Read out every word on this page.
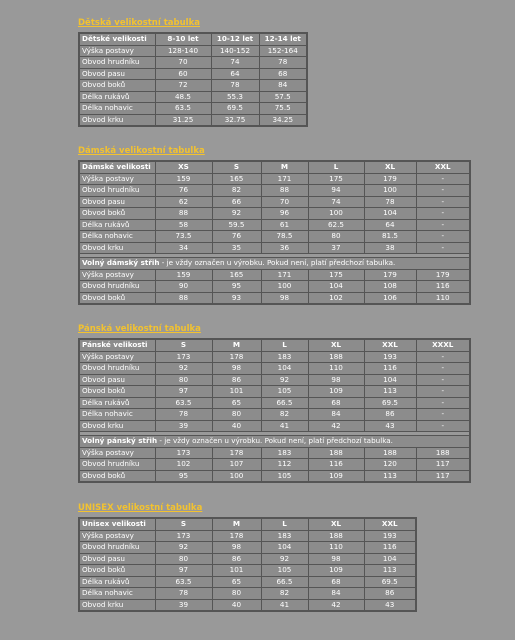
Dětská velikostní tabulka
Dětské velikosti	8-10 let	10-12 let	12-14 let
Výška postavy	128-140	140-152	152-164
Obvod hrudníku	70	74	78
Obvod pasu	60	64	68
Obvod boků	72	78	84
Délka rukávů	48.5	55.3	57.5
Délka nohavic	63.5	69.5	75.5
Obvod krku	31.25	32.75	34.25
Dámská velikostní tabulka
Dámské velikosti	XS	S	M	L	XL	XXL
Výška postavy	159	165	171	175	179	-
Obvod hrudníku	76	82	88	94	100	-
Obvod pasu	62	66	70	74	78	-
Obvod boků	88	92	96	100	104	-
Délka rukávů	58	59.5	61	62.5	64	-
Délka nohavic	73.5	76	78.5	80	81.5	-
Obvod krku	34	35	36	37	38	-

Volný dámský střih - je vždy označen u výrobku. Pokud není, platí předchozí tabulka.						
Výška postavy	159	165	171	175	179	179
Obvod hrudníku	90	95	100	104	108	116
Obvod boků	88	93	98	102	106	110
Pánská velikostní tabulka
Pánské velikosti	S	M	L	XL	XXL	XXXL
Výška postavy	173	178	183	188	193	-
Obvod hrudníku	92	98	104	110	116	-
Obvod pasu	80	86	92	98	104	-
Obvod boků	97	101	105	109	113	-
Délka rukávů	63.5	65	66.5	68	69.5	-
Délka nohavic	78	80	82	84	86	-
Obvod krku	39	40	41	42	43	-

Volný pánský střih - je vždy označen u výrobku. Pokud není, platí předchozí tabulka.						
Výška postavy	173	178	183	188	188	188
Obvod hrudníku	102	107	112	116	120	117
Obvod boků	95	100	105	109	113	117
UNISEX velikostní tabulka
Unisex velikosti	S	M	L	XL	XXL
Výška postavy	173	178	183	188	193
Obvod hrudníku	92	98	104	110	116
Obvod pasu	80	86	92	98	104
Obvod boků	97	101	105	109	113
Délka rukávů	63.5	65	66.5	68	69.5
Délka nohavic	78	80	82	84	86
Obvod krku	39	40	41	42	43
